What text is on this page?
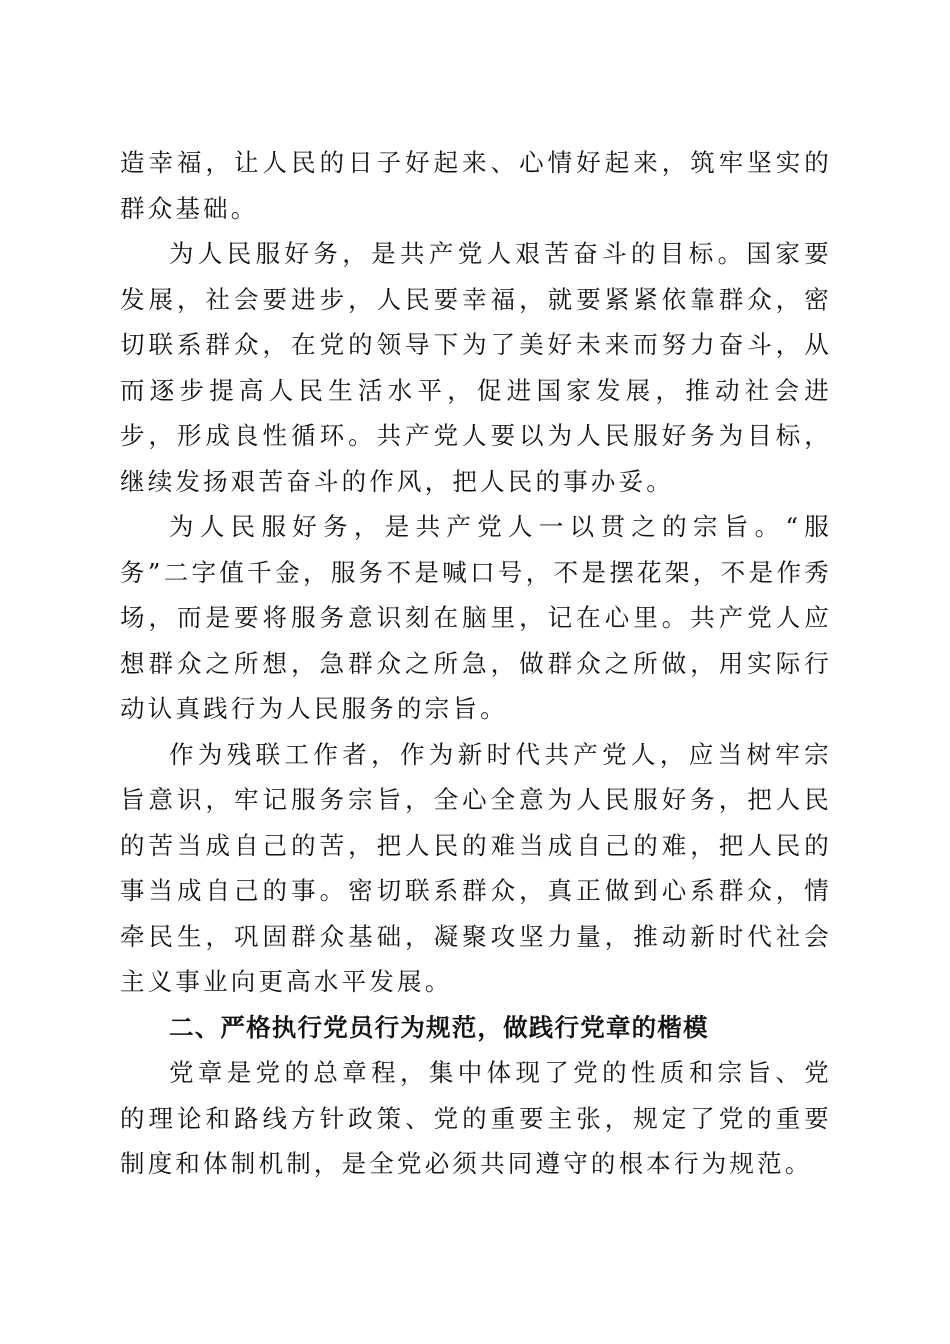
造幸福，让人民的日子好起来、心情好起来，筑牢坚实的群众基础。

为人民服好务，是共产党人艰苦奋斗的目标。国家要发展，社会要进步，人民要幸福，就要紧紧依靠群众，密切联系群众，在党的领导下为了美好未来而努力奋斗，从而逐步提高人民生活水平，促进国家发展，推动社会进步，形成良性循环。共产党人要以为人民服好务为目标，继续发扬艰苦奋斗的作风，把人民的事办妥。

为人民服好务，是共产党人一以贯之的宗旨。“服务”二字值千金，服务不是喊口号，不是摆花架，不是作秀场，而是要将服务意识刻在脑里，记在心里。共产党人应想群众之所想，急群众之所急，做群众之所做，用实际行动认真践行为人民服务的宗旨。

作为残联工作者，作为新时代共产党人，应当树牢宗旨意识，牢记服务宗旨，全心全意为人民服好务，把人民的苦当成自己的苦，把人民的难当成自己的难，把人民的事当成自己的事。密切联系群众，真正做到心系群众，情牵民生，巩固群众基础，凝聚攻坚力量，推动新时代社会主义事业向更高水平发展。

二、严格执行党员行为规范，做践行党章的楷模

党章是党的总章程，集中体现了党的性质和宗旨、党的理论和路线方针政策、党的重要主张，规定了党的重要制度和体制机制，是全党必须共同遵守的根本行为规范。
